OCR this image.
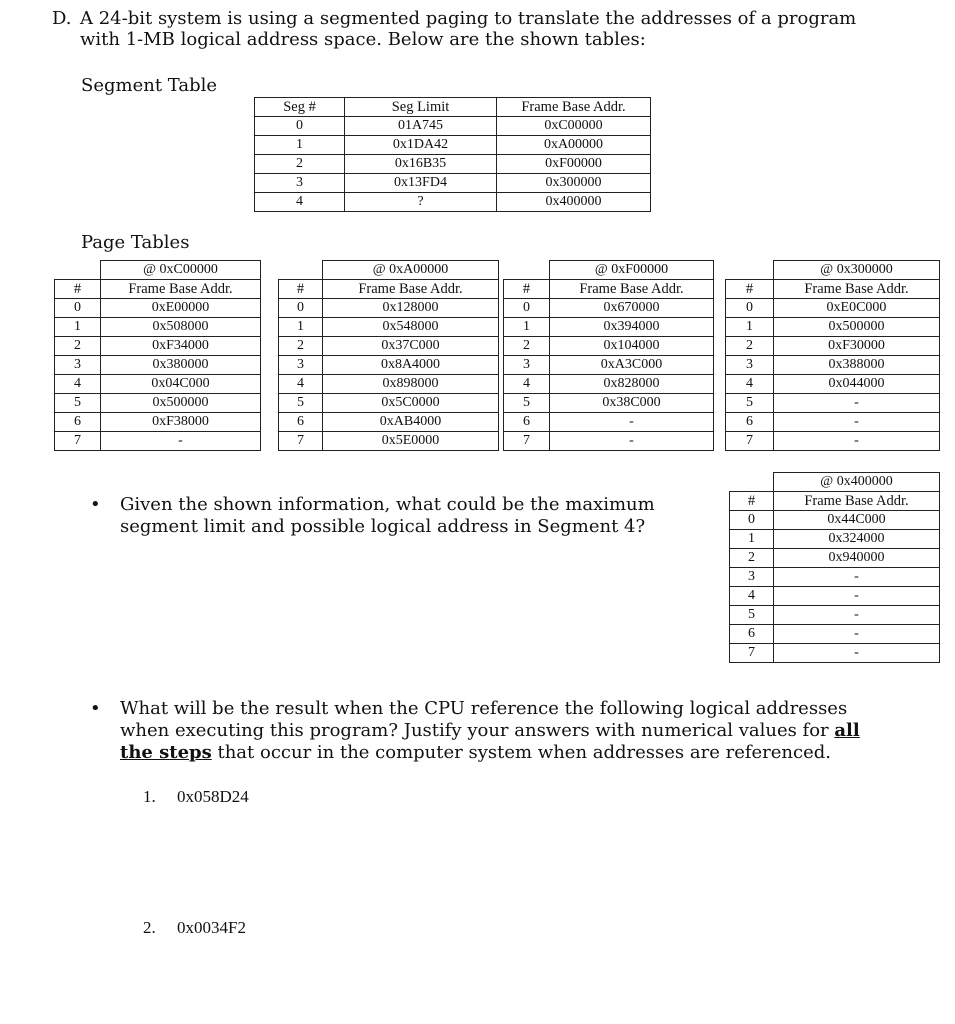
D. A 24-bit system is using a segmented paging to translate the addresses of a program
with 1-MB logical address space. Below are the shown tables:
Segment Table
Seg #	Seg Limit	Frame Base Addr.
0	01A745	0xC00000
1	0x1DA42	0xA00000
2	0x16B35	0xF00000
3	0x13FD4	0x300000
4	?	0x400000
Page Tables
	@ 0xC00000
#	Frame Base Addr.
0	0xE00000
1	0x508000
2	0xF34000
3	0x380000
4	0x04C000
5	0x500000
6	0xF38000
7	-
	@ 0xA00000
#	Frame Base Addr.
0	0x128000
1	0x548000
2	0x37C000
3	0x8A4000
4	0x898000
5	0x5C0000
6	0xAB4000
7	0x5E0000
	@ 0xF00000
#	Frame Base Addr.
0	0x670000
1	0x394000
2	0x104000
3	0xA3C000
4	0x828000
5	0x38C000
6	-
7	-
	@ 0x300000
#	Frame Base Addr.
0	0xE0C000
1	0x500000
2	0xF30000
3	0x388000
4	0x044000
5	-
6	-
7	-
	@ 0x400000
#	Frame Base Addr.
0	0x44C000
1	0x324000
2	0x940000
3	-
4	-
5	-
6	-
7	-
• Given the shown information, what could be the maximum
segment limit and possible logical address in Segment 4?
• What will be the result when the CPU reference the following logical addresses
when executing this program? Justify your answers with numerical values for all
the steps that occur in the computer system when addresses are referenced.
1. 0x058D24
2. 0x0034F2
